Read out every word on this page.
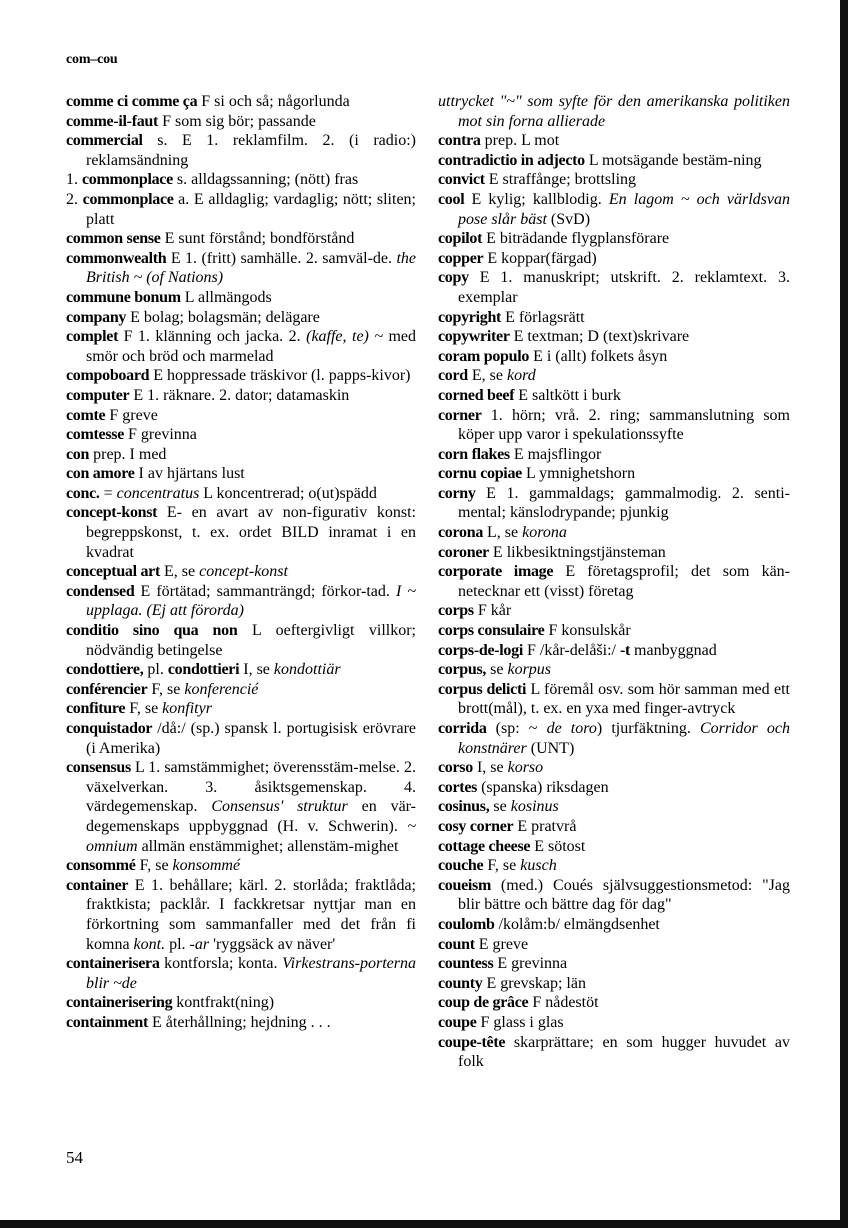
com–cou

comme ci comme ça F si och så; någorlunda

comme-il-faut F som sig bör; passande

commercial s. E 1. reklamfilm. 2. (i radio:) reklamsändning

1. commonplace s. alldagssanning; (nött) fras

2. commonplace a. E alldaglig; vardaglig; nött; sliten; platt

common sense E sunt förstånd; bondförstånd

commonwealth E 1. (fritt) samhälle. 2. samväl-de. the British ~ (of Nations)

commune bonum L allmängods

company E bolag; bolagsmän; delägare

complet F 1. klänning och jacka. 2. (kaffe, te) ~ med smör och bröd och marmelad

compoboard E hoppressade träskivor (l. papps-kivor)

computer E 1. räknare. 2. dator; datamaskin

comte F greve

comtesse F grevinna

con prep. I med

con amore I av hjärtans lust

conc. = concentratus L koncentrerad; o(ut)spädd

concept-konst E- en avart av non-figurativ konst: begreppskonst, t. ex. ordet BILD inramat i en kvadrat

conceptual art E, se concept-konst

condensed E förtätad; sammanträngd; förkor-tad. I ~ upplaga. (Ej att förorda)

conditio sino qua non L oeftergivligt villkor; nödvändig betingelse

condottiere, pl. condottieri I, se kondottiär

conférencier F, se konferencié

confiture F, se konfityr

conquistador /då:/ (sp.) spansk l. portugisisk erövrare (i Amerika)

consensus L 1. samstämmighet; överensstäm-melse. 2. växelverkan. 3. åsiktsgemenskap. 4. värdegemenskap. Consensus' struktur en vär-degemenskaps uppbyggnad (H. v. Schwerin). ~ omnium allmän enstämmighet; allenstäm-mighet

consommé F, se konsommé

container E 1. behållare; kärl. 2. storlåda; fraktlåda; fraktkista; packlår. I fackkretsar nyttjar man en förkortning som sammanfaller med det från fi komna kont. pl. -ar 'ryggsäck av näver'

containerisera kontforsla; konta. Virkestrans-porterna blir ~de

containerisering kontfrakt(ning)

containment E återhållning; hejdning . . .

uttrycket "~" som syfte för den amerikanska politiken mot sin forna allierade

contra prep. L mot

contradictio in adjecto L motsägande bestäm-ning

convict E straffånge; brottsling

cool E kylig; kallblodig. En lagom ~ och världsvan pose slår bäst (SvD)

copilot E biträdande flygplansförare

copper E koppar(färgad)

copy E 1. manuskript; utskrift. 2. reklamtext. 3. exemplar

copyright E förlagsrätt

copywriter E textman; D (text)skrivare

coram populo E i (allt) folkets åsyn

cord E, se kord

corned beef E saltkött i burk

corner 1. hörn; vrå. 2. ring; sammanslutning som köper upp varor i spekulationssyfte

corn flakes E majsflingor

cornu copiae L ymnighetshorn

corny E 1. gammaldags; gammalmodig. 2. senti-mental; känslodrypande; pjunkig

corona L, se korona

coroner E likbesiktningstjänsteman

corporate image E företagsprofil; det som kän-netecknar ett (visst) företag

corps F kår

corps consulaire F konsulskår

corps-de-logi F /kår-delåši:/ -t manbyggnad

corpus, se korpus

corpus delicti L föremål osv. som hör samman med ett brott(mål), t. ex. en yxa med finger-avtryck

corrida (sp: ~ de toro) tjurfäktning. Corridor och konstnärer (UNT)

corso I, se korso

cortes (spanska) riksdagen

cosinus, se kosinus

cosy corner E pratvrå

cottage cheese E sötost

couche F, se kusch

coueism (med.) Coués självsuggestionsmetod: "Jag blir bättre och bättre dag för dag"

coulomb /kolåm:b/ elmängdsenhet

count E greve

countess E grevinna

county E grevskap; län

coup de grâce F nådestöt

coupe F glass i glas

coupe-tête skarprättare; en som hugger huvudet av folk

54
